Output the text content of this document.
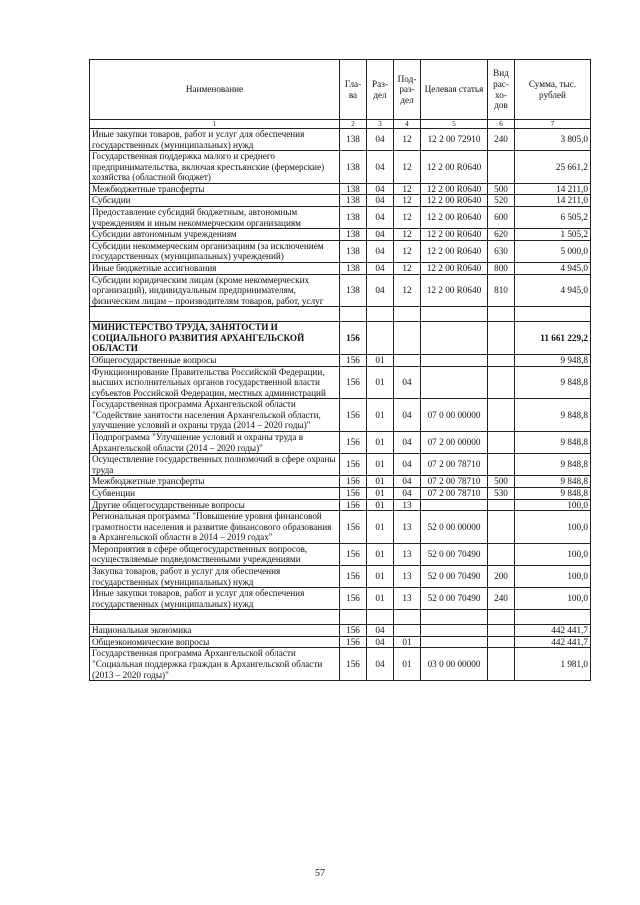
Наименование	Гла-ва	Раз-дел	Под-раз-дел	Целевая статья	Вид рас-хо-дов	Сумма, тыс. рублей
1	2	3	4	5	6	7
Иные закупки товаров, работ и услуг для обеспечения государственных (муниципальных) нужд	138	04	12	12 2 00 72910	240	3 805,0
Государственная поддержка малого и среднего предпринимательства, включая крестьянские (фермерские) хозяйства (областной бюджет)	138	04	12	12 2 00 R0640		25 661,2
Межбюджетные трансферты	138	04	12	12 2 00 R0640	500	14 211,0
Субсидии	138	04	12	12 2 00 R0640	520	14 211,0
Предоставление субсидий бюджетным, автономным учреждениям и иным некоммерческим организациям	138	04	12	12 2 00 R0640	600	6 505,2
Субсидии автономным учреждениям	138	04	12	12 2 00 R0640	620	1 505,2
Субсидии некоммерческим организациям (за исключением государственных (муниципальных) учреждений)	138	04	12	12 2 00 R0640	630	5 000,0
Иные бюджетные ассигнования	138	04	12	12 2 00 R0640	800	4 945,0
Субсидии юридическим лицам (кроме некоммерческих организаций), индивидуальным предпринимателям, физическим лицам – производителям товаров, работ, услуг	138	04	12	12 2 00 R0640	810	4 945,0

МИНИСТЕРСТВО ТРУДА, ЗАНЯТОСТИ И СОЦИАЛЬНОГО РАЗВИТИЯ АРХАНГЕЛЬСКОЙ ОБЛАСТИ	156					11 661 229,2
Общегосударственные вопросы	156	01				9 948,8
Функционирование Правительства Российской Федерации, высших исполнительных органов государственной власти субъектов Российской Федерации, местных администраций	156	01	04			9 848,8
Государственная программа Архангельской области "Содействие занятости населения Архангельской области, улучшение условий и охраны труда (2014 – 2020 годы)"	156	01	04	07 0 00 00000		9 848,8
Подпрограмма "Улучшение условий и охраны труда в Архангельской области (2014 – 2020 годы)"	156	01	04	07 2 00 00000		9 848,8
Осуществление государственных полномочий в сфере охраны труда	156	01	04	07 2 00 78710		9 848,8
Межбюджетные трансферты	156	01	04	07 2 00 78710	500	9 848,8
Субвенции	156	01	04	07 2 00 78710	530	9 848,8
Другие общегосударственные вопросы	156	01	13			100,0
Региональная программа "Повышение уровня финансовой грамотности населения и развитие финансового образования в Архангельской области в 2014 – 2019 годах"	156	01	13	52 0 00 00000		100,0
Мероприятия в сфере общегосударственных вопросов, осуществляемые подведомственными учреждениями	156	01	13	52 0 00 70490		100,0
Закупка товаров, работ и услуг для обеспечения государственных (муниципальных) нужд	156	01	13	52 0 00 70490	200	100,0
Иные закупки товаров, работ и услуг для обеспечения государственных (муниципальных) нужд	156	01	13	52 0 00 70490	240	100,0

Национальная экономика	156	04				442 441,7
Общеэкономические вопросы	156	04	01			442 441,7
Государственная программа Архангельской области "Социальная поддержка граждан в Архангельской области (2013 – 2020 годы)"	156	04	01	03 0 00 00000		1 981,0
57
